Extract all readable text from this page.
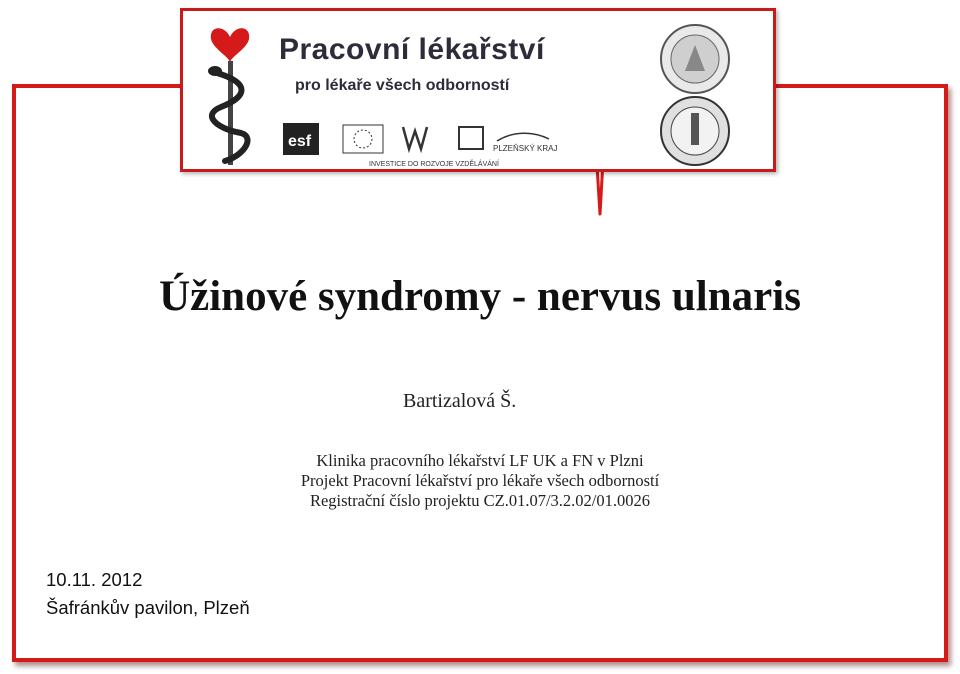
Pracovní lékařství
pro lékaře všech odborností
esf	PLZEŇSKÝ KRAJ
INVESTICE DO ROZVOJE VZDĚLÁVÁNÍ
Úžinové syndromy - nervus ulnaris
Bartizalová Š.
Klinika pracovního lékařství LF UK a FN v Plzni
Projekt Pracovní lékařství pro lékaře všech odborností
Registrační číslo projektu CZ.01.07/3.2.02/01.0026
10.11. 2012
Šafránkův pavilon, Plzeň
